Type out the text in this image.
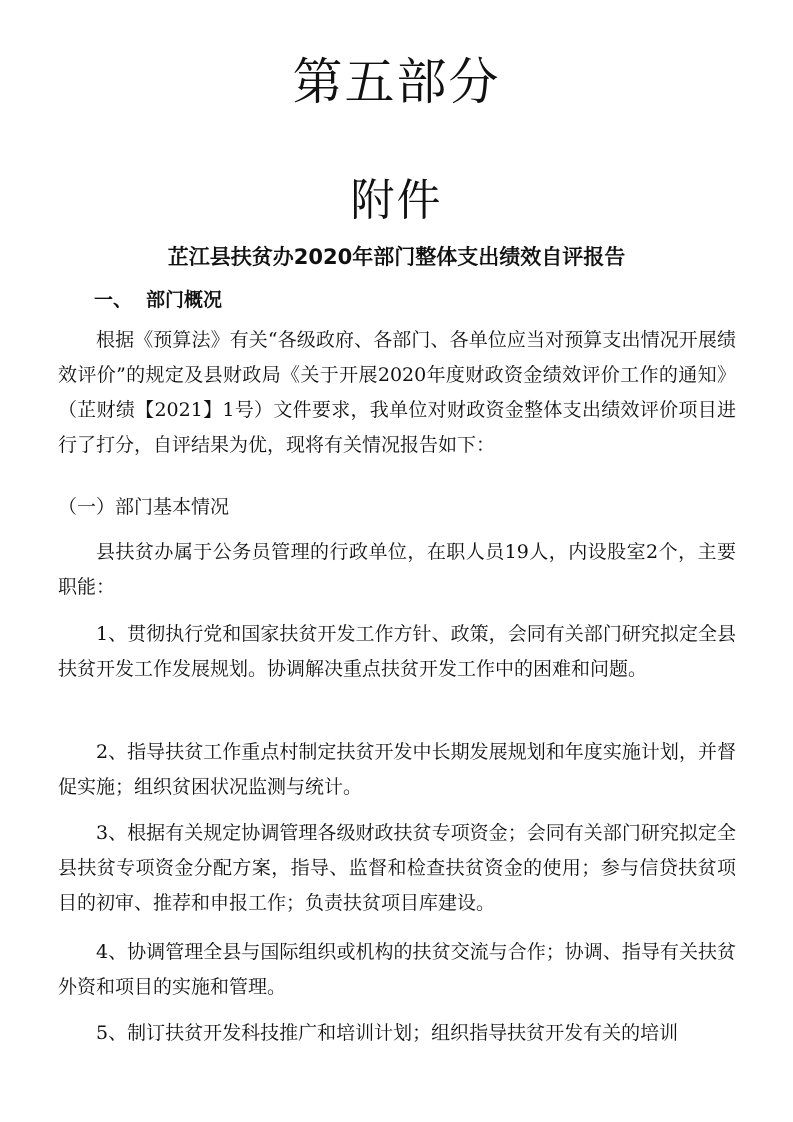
第五部分
附件
芷江县扶贫办2020年部门整体支出绩效自评报告
一、 部门概况

根据《预算法》有关“各级政府、各部门、各单位应当对预算支出情况开展绩效评价”的规定及县财政局《关于开展2020年度财政资金绩效评价工作的通知》（芷财绩【2021】1号）文件要求，我单位对财政资金整体支出绩效评价项目进行了打分，自评结果为优，现将有关情况报告如下：

（一）部门基本情况

县扶贫办属于公务员管理的行政单位，在职人员19人，内设股室2个，主要职能：

1、贯彻执行党和国家扶贫开发工作方针、政策，会同有关部门研究拟定全县扶贫开发工作发展规划。协调解决重点扶贫开发工作中的困难和问题。

2、指导扶贫工作重点村制定扶贫开发中长期发展规划和年度实施计划，并督促实施；组织贫困状况监测与统计。

3、根据有关规定协调管理各级财政扶贫专项资金；会同有关部门研究拟定全县扶贫专项资金分配方案，指导、监督和检查扶贫资金的使用；参与信贷扶贫项目的初审、推荐和申报工作；负责扶贫项目库建设。

4、协调管理全县与国际组织或机构的扶贫交流与合作；协调、指导有关扶贫外资和项目的实施和管理。

5、制订扶贫开发科技推广和培训计划；组织指导扶贫开发有关的培训
